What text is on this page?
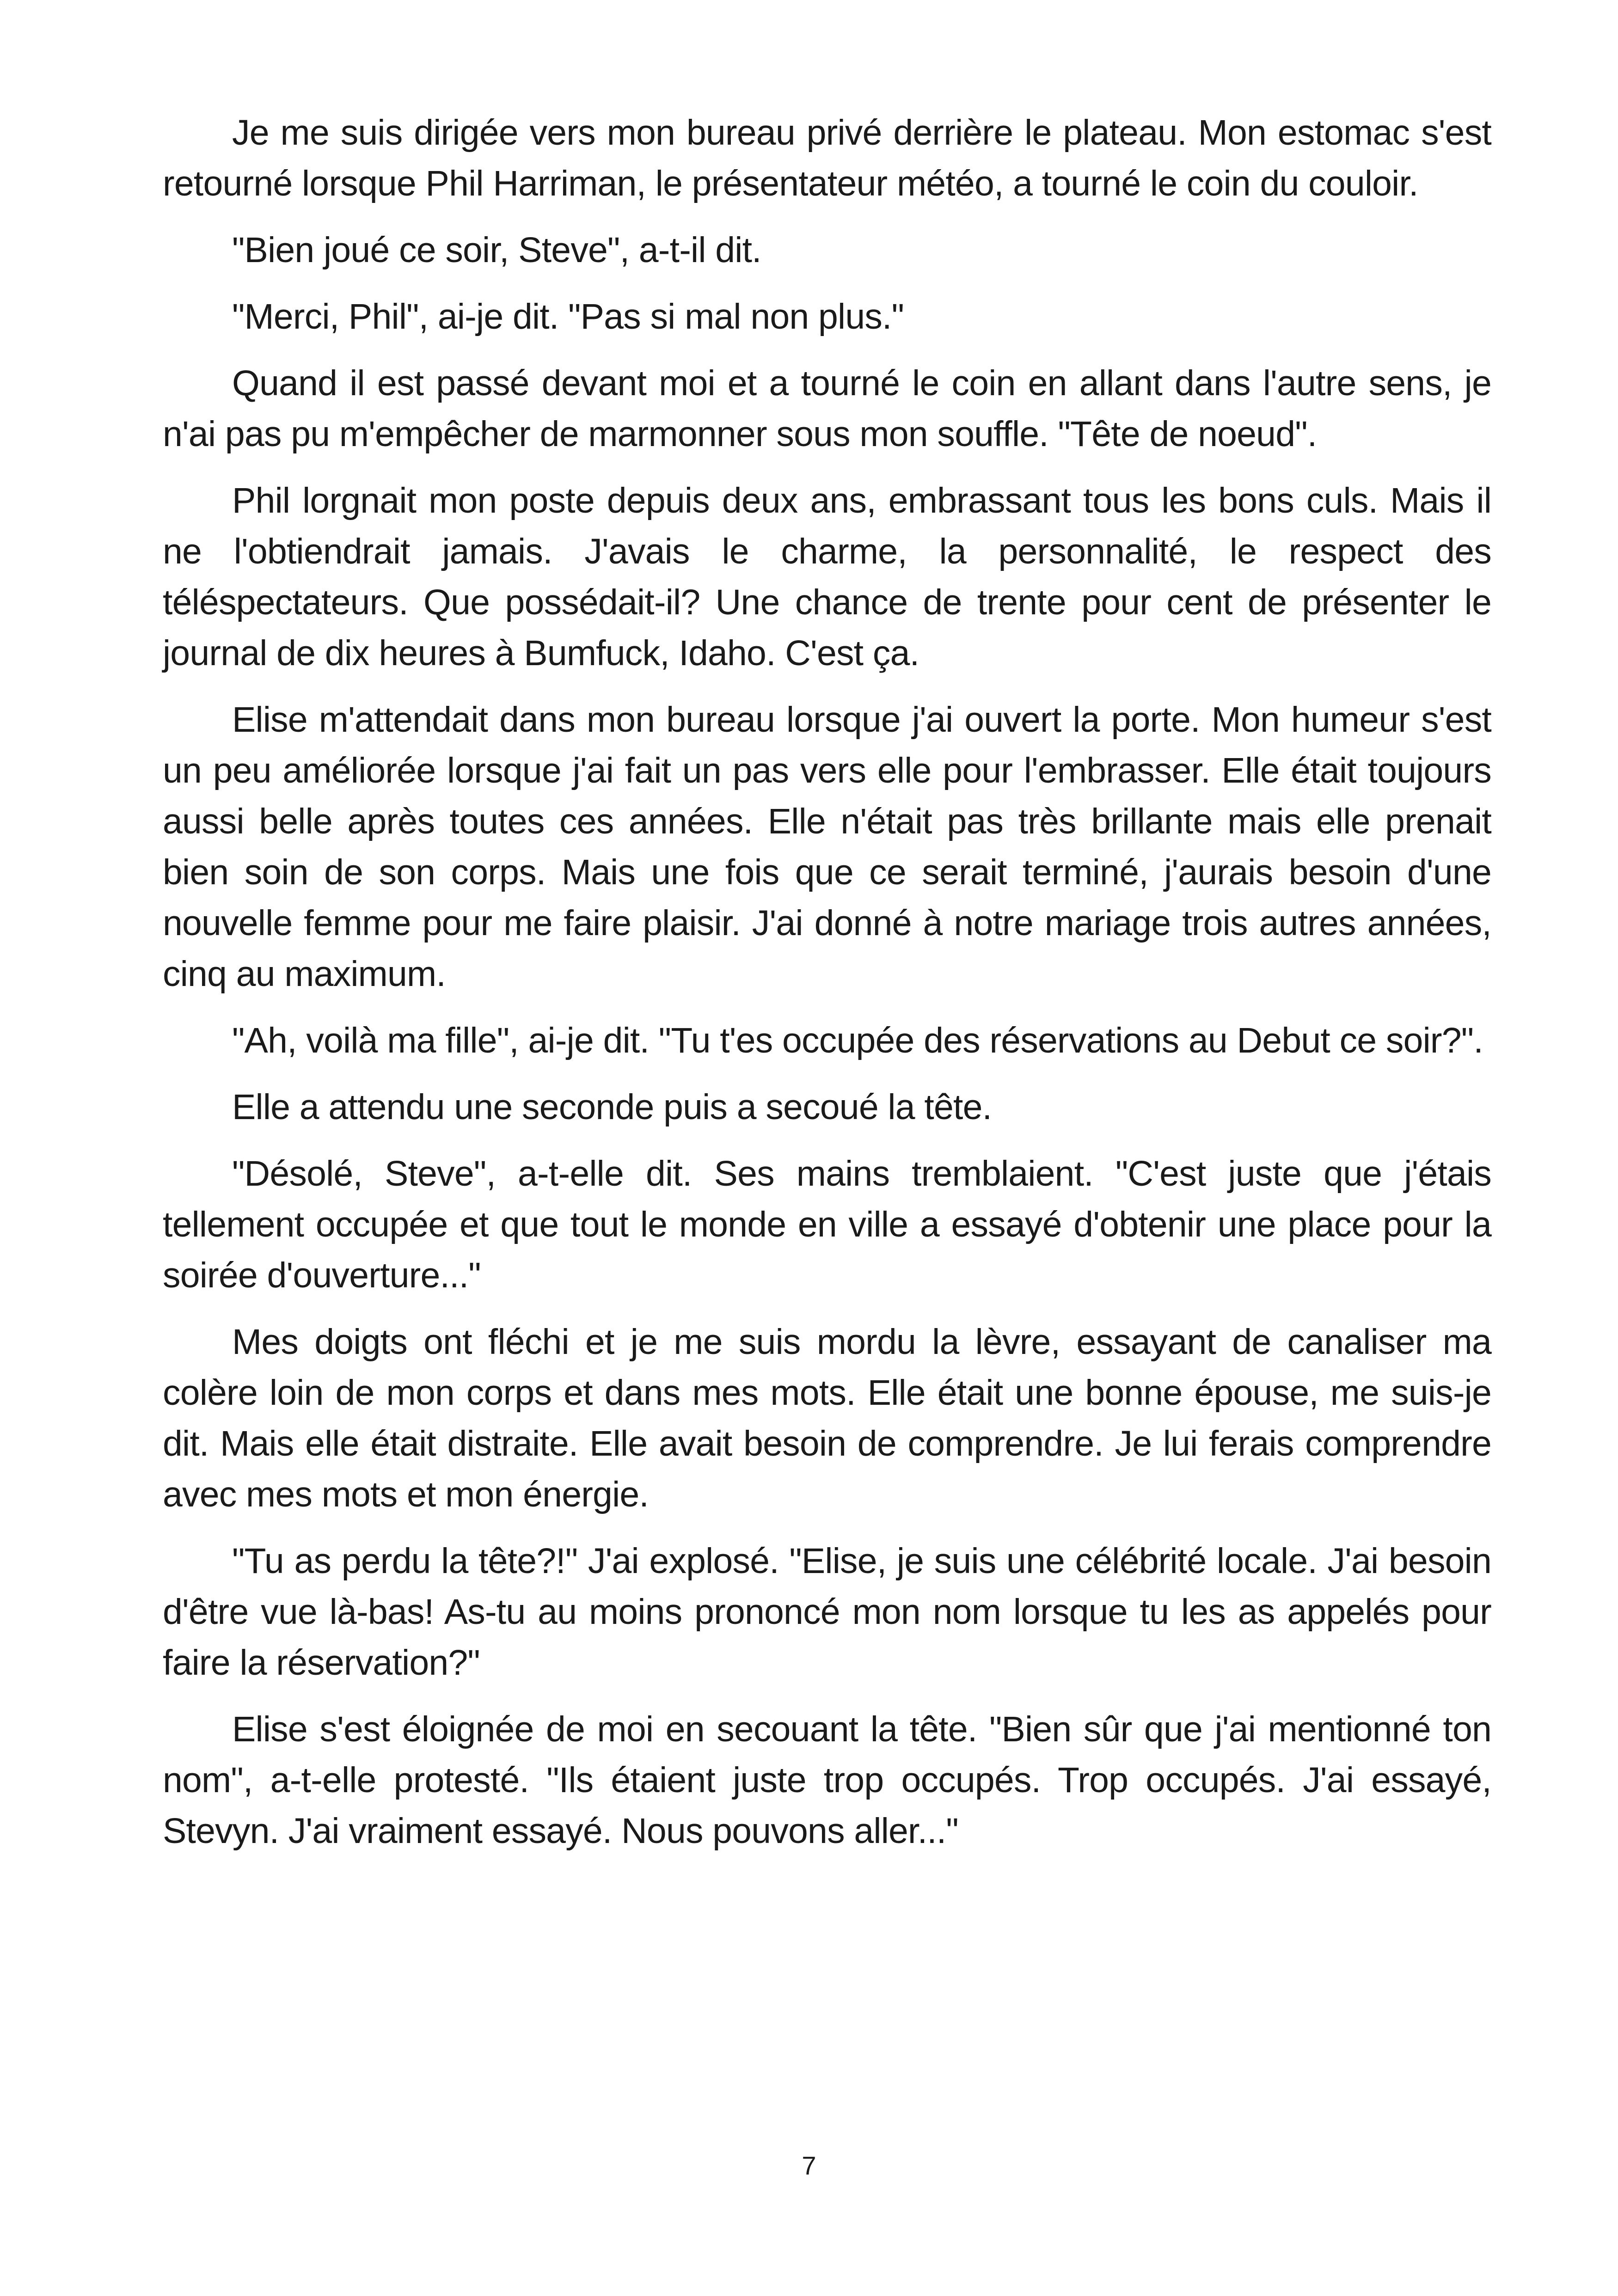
Je me suis dirigée vers mon bureau privé derrière le plateau. Mon estomac s'est retourné lorsque Phil Harriman, le présentateur météo, a tourné le coin du couloir.

"Bien joué ce soir, Steve", a-t-il dit.

"Merci, Phil", ai-je dit. "Pas si mal non plus."

Quand il est passé devant moi et a tourné le coin en allant dans l'autre sens, je n'ai pas pu m'empêcher de marmonner sous mon souffle. "Tête de noeud".

Phil lorgnait mon poste depuis deux ans, embrassant tous les bons culs. Mais il ne l'obtiendrait jamais. J'avais le charme, la personnalité, le respect des téléspectateurs. Que possédait-il? Une chance de trente pour cent de présenter le journal de dix heures à Bumfuck, Idaho. C'est ça.

Elise m'attendait dans mon bureau lorsque j'ai ouvert la porte. Mon humeur s'est un peu améliorée lorsque j'ai fait un pas vers elle pour l'embrasser. Elle était toujours aussi belle après toutes ces années. Elle n'était pas très brillante mais elle prenait bien soin de son corps. Mais une fois que ce serait terminé, j'aurais besoin d'une nouvelle femme pour me faire plaisir. J'ai donné à notre mariage trois autres années, cinq au maximum.

"Ah, voilà ma fille", ai-je dit. "Tu t'es occupée des réservations au Debut ce soir?".

Elle a attendu une seconde puis a secoué la tête.

"Désolé, Steve", a-t-elle dit. Ses mains tremblaient. "C'est juste que j'étais tellement occupée et que tout le monde en ville a essayé d'obtenir une place pour la soirée d'ouverture..."

Mes doigts ont fléchi et je me suis mordu la lèvre, essayant de canaliser ma colère loin de mon corps et dans mes mots. Elle était une bonne épouse, me suis-je dit. Mais elle était distraite. Elle avait besoin de comprendre. Je lui ferais comprendre avec mes mots et mon énergie.

"Tu as perdu la tête?!" J'ai explosé. "Elise, je suis une célébrité locale. J'ai besoin d'être vue là-bas! As-tu au moins prononcé mon nom lorsque tu les as appelés pour faire la réservation?"

Elise s'est éloignée de moi en secouant la tête. "Bien sûr que j'ai mentionné ton nom", a-t-elle protesté. "Ils étaient juste trop occupés. Trop occupés. J'ai essayé, Stevyn. J'ai vraiment essayé. Nous pouvons aller..."

7
